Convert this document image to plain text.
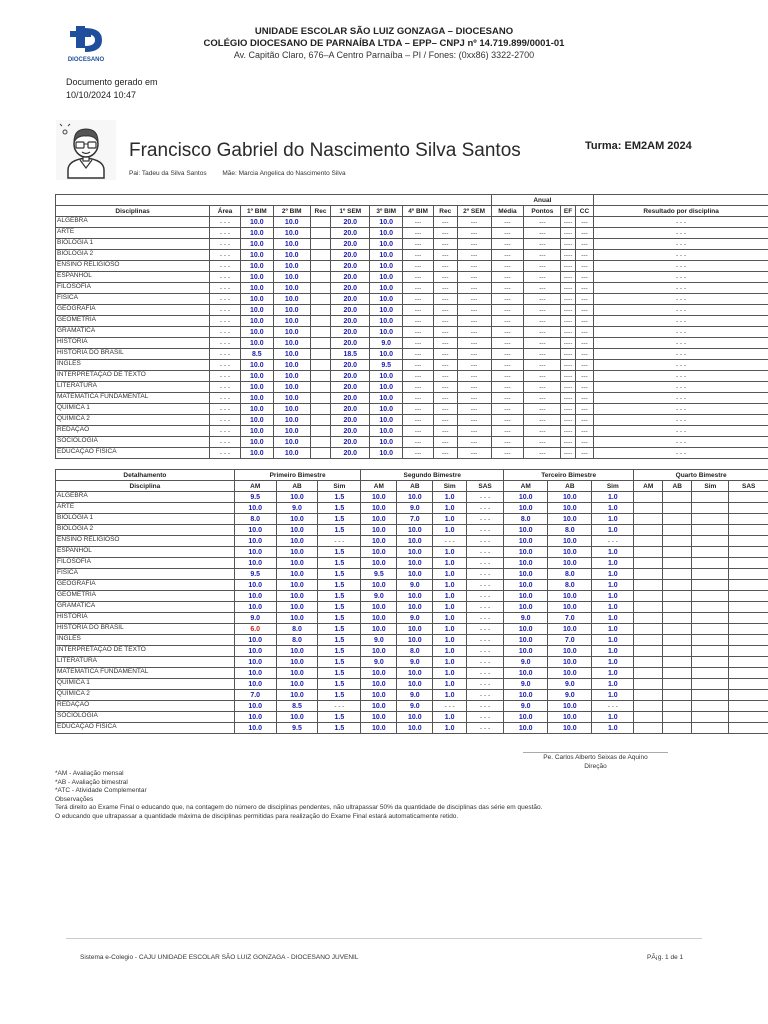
DIOCESANO
UNIDADE ESCOLAR SÃO LUIZ GONZAGA – DIOCESANO
COLÉGIO DIOCESANO DE PARNAÍBA LTDA – EPP– CNPJ nº 14.719.899/0001-01
Av. Capitão Claro, 676–A Centro Parnaíba – PI / Fones: (0xx86) 3322-2700
Documento gerado em
10/10/2024 10:47
Francisco Gabriel do Nascimento Silva Santos	Turma: EM2AM 2024
Pai: Tadeu da Silva Santos Mãe: Marcia Angelica do Nascimento Silva
										Anual				
Disciplinas	Área	1º BIM	2º BIM	Rec	1º SEM	3º BIM	4º BIM	Rec	2º SEM	Média	Pontos	EF	CC	Resultado por disciplina
ALGEBRA	- - -	10.0	10.0		20.0	10.0	---	---	---	---	---	----	---	- - -
ARTE	- - -	10.0	10.0		20.0	10.0	---	---	---	---	---	----	---	- - -
BIOLOGIA 1	- - -	10.0	10.0		20.0	10.0	---	---	---	---	---	----	---	- - -
BIOLOGIA 2	- - -	10.0	10.0		20.0	10.0	---	---	---	---	---	----	---	- - -
ENSINO RELIGIOSO	- - -	10.0	10.0		20.0	10.0	---	---	---	---	---	----	---	- - -
ESPANHOL	- - -	10.0	10.0		20.0	10.0	---	---	---	---	---	----	---	- - -
FILOSOFIA	- - -	10.0	10.0		20.0	10.0	---	---	---	---	---	----	---	- - -
FISICA	- - -	10.0	10.0		20.0	10.0	---	---	---	---	---	----	---	- - -
GEOGRAFIA	- - -	10.0	10.0		20.0	10.0	---	---	---	---	---	----	---	- - -
GEOMETRIA	- - -	10.0	10.0		20.0	10.0	---	---	---	---	---	----	---	- - -
GRAMATICA	- - -	10.0	10.0		20.0	10.0	---	---	---	---	---	----	---	- - -
HISTORIA	- - -	10.0	10.0		20.0	9.0	---	---	---	---	---	----	---	- - -
HISTORIA DO BRASIL	- - -	8.5	10.0		18.5	10.0	---	---	---	---	---	----	---	- - -
INGLES	- - -	10.0	10.0		20.0	9.5	---	---	---	---	---	----	---	- - -
INTERPRETAÇÃO DE TEXTO	- - -	10.0	10.0		20.0	10.0	---	---	---	---	---	----	---	- - -
LITERATURA	- - -	10.0	10.0		20.0	10.0	---	---	---	---	---	----	---	- - -
MATEMATICA FUNDAMENTAL	- - -	10.0	10.0		20.0	10.0	---	---	---	---	---	----	---	- - -
QUIMICA 1	- - -	10.0	10.0		20.0	10.0	---	---	---	---	---	----	---	- - -
QUIMICA 2	- - -	10.0	10.0		20.0	10.0	---	---	---	---	---	----	---	- - -
REDAÇÃO	- - -	10.0	10.0		20.0	10.0	---	---	---	---	---	----	---	- - -
SOCIOLOGIA	- - -	10.0	10.0		20.0	10.0	---	---	---	---	---	----	---	- - -
EDUCAÇÃO FISICA	- - -	10.0	10.0		20.0	10.0	---	---	---	---	---	----	---	- - -
Detalhamento	Primeiro Bimestre			Segundo Bimestre				Terceiro Bimestre			Quarto Bimestre			
Disciplina	AM	AB	Sim	AM	AB	Sim	SAS	AM	AB	Sim	AM	AB	Sim	SAS
ALGEBRA	9.5	10.0	1.5	10.0	10.0	1.0	- - -	10.0	10.0	1.0				
ARTE	10.0	9.0	1.5	10.0	9.0	1.0	- - -	10.0	10.0	1.0				
BIOLOGIA 1	8.0	10.0	1.5	10.0	7.0	1.0	- - -	8.0	10.0	1.0				
BIOLOGIA 2	10.0	10.0	1.5	10.0	10.0	1.0	- - -	10.0	8.0	1.0				
ENSINO RELIGIOSO	10.0	10.0	- - -	10.0	10.0	- - -	- - -	10.0	10.0	- - -				
ESPANHOL	10.0	10.0	1.5	10.0	10.0	1.0	- - -	10.0	10.0	1.0				
FILOSOFIA	10.0	10.0	1.5	10.0	10.0	1.0	- - -	10.0	10.0	1.0				
FISICA	9.5	10.0	1.5	9.5	10.0	1.0	- - -	10.0	8.0	1.0				
GEOGRAFIA	10.0	10.0	1.5	10.0	9.0	1.0	- - -	10.0	8.0	1.0				
GEOMETRIA	10.0	10.0	1.5	9.0	10.0	1.0	- - -	10.0	10.0	1.0				
GRAMATICA	10.0	10.0	1.5	10.0	10.0	1.0	- - -	10.0	10.0	1.0				
HISTORIA	9.0	10.0	1.5	10.0	9.0	1.0	- - -	9.0	7.0	1.0				
HISTORIA DO BRASIL	6.0	8.0	1.5	10.0	10.0	1.0	- - -	10.0	10.0	1.0				
INGLES	10.0	8.0	1.5	9.0	10.0	1.0	- - -	10.0	7.0	1.0				
INTERPRETAÇÃO DE TEXTO	10.0	10.0	1.5	10.0	8.0	1.0	- - -	10.0	10.0	1.0				
LITERATURA	10.0	10.0	1.5	9.0	9.0	1.0	- - -	9.0	10.0	1.0				
MATEMATICA FUNDAMENTAL	10.0	10.0	1.5	10.0	10.0	1.0	- - -	10.0	10.0	1.0				
QUIMICA 1	10.0	10.0	1.5	10.0	10.0	1.0	- - -	9.0	9.0	1.0				
QUIMICA 2	7.0	10.0	1.5	10.0	9.0	1.0	- - -	10.0	9.0	1.0				
REDAÇÃO	10.0	8.5	- - -	10.0	9.0	- - -	- - -	9.0	10.0	- - -				
SOCIOLOGIA	10.0	10.0	1.5	10.0	10.0	1.0	- - -	10.0	10.0	1.0				
EDUCAÇÃO FISICA	10.0	9.5	1.5	10.0	10.0	1.0	- - -	10.0	10.0	1.0				
Pe. Carlos Alberto Seixas de Aquino
Direção
*AM - Avaliação mensal
*AB - Avaliação bimestral
*ATC - Atividade Complementar
Observações
Terá direito ao Exame Final o educando que, na contagem do número de disciplinas pendentes, não ultrapassar 50% da quantidade de disciplinas das série em questão.
O educando que ultrapassar a quantidade máxima de disciplinas permitidas para realização do Exame Final estará automaticamente retido.
Sistema e-Colegio - CAJU UNIDADE ESCOLAR SÃO LUIZ GONZAGA - DIOCESANO JUVENIL	PÃ¡g. 1 de 1
